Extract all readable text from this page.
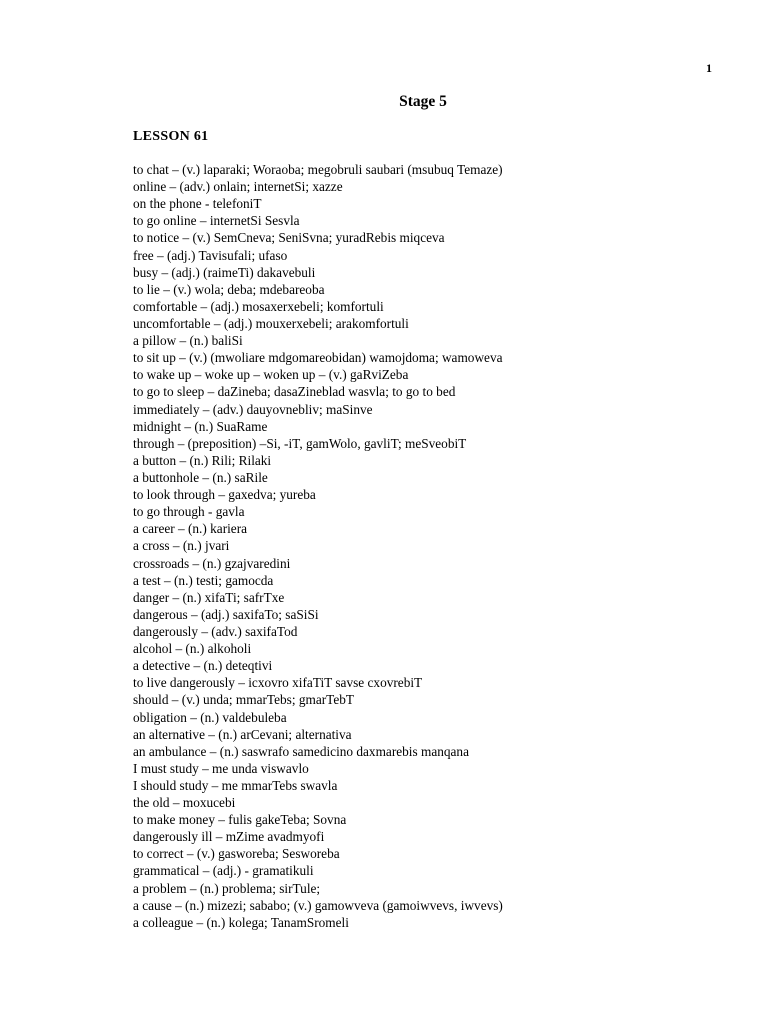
1
Stage 5
LESSON 61
to chat – (v.) laparaki; Woraoba; megobruli saubari (msubuq Temaze)
online – (adv.) onlain; internetSi; xazze
on the phone - telefoniT
to go online – internetSi Sesvla
to notice – (v.) SemCneva; SeniSvna; yuradRebis miqceva
free – (adj.) Tavisufali; ufaso
busy – (adj.) (raimeTi) dakavebuli
to lie – (v.) wola; deba; mdebareoba
comfortable – (adj.) mosaxerxebeli; komfortuli
uncomfortable – (adj.) mouxerxebeli; arakomfortuli
a pillow – (n.) baliSi
to sit up – (v.) (mwoliare mdgomareobidan) wamojdoma; wamoweva
to wake up – woke up – woken up – (v.) gaRviZeba
to go to sleep – daZineba; dasaZineblad wasvla; to go to bed
immediately – (adv.) dauyovnebliv; maSinve
midnight – (n.) SuaRame
through – (preposition) –Si, -iT, gamWolo, gavliT; meSveobiT
a button – (n.) Rili; Rilaki
a buttonhole – (n.) saRile
to look through – gaxedva; yureba
to go through - gavla
a career – (n.) kariera
a cross – (n.) jvari
crossroads – (n.) gzajvaredini
a test – (n.) testi; gamocda
danger – (n.) xifaTi; safrTxe
dangerous – (adj.) saxifaTo; saSiSi
dangerously – (adv.) saxifaTod
alcohol – (n.) alkoholi
a detective – (n.) deteqtivi
to live dangerously – icxovro xifaTiT savse cxovrebiT
should – (v.) unda; mmarTebs; gmarTebT
obligation – (n.) valdebuleba
an alternative – (n.) arCevani; alternativa
an ambulance – (n.) saswrafo samedicino daxmarebis manqana
I must study – me unda viswavlo
I should study – me mmarTebs swavla
the old – moxucebi
to make money – fulis gakeTeba; Sovna
dangerously ill – mZime avadmyofi
to correct – (v.) gasworeba; Sesworeba
grammatical – (adj.) - gramatikuli
a problem – (n.) problema; sirTule;
a cause – (n.) mizezi; sababo; (v.) gamowveva (gamoiwvevs, iwvevs)
a colleague – (n.) kolega; TanamSromeli
